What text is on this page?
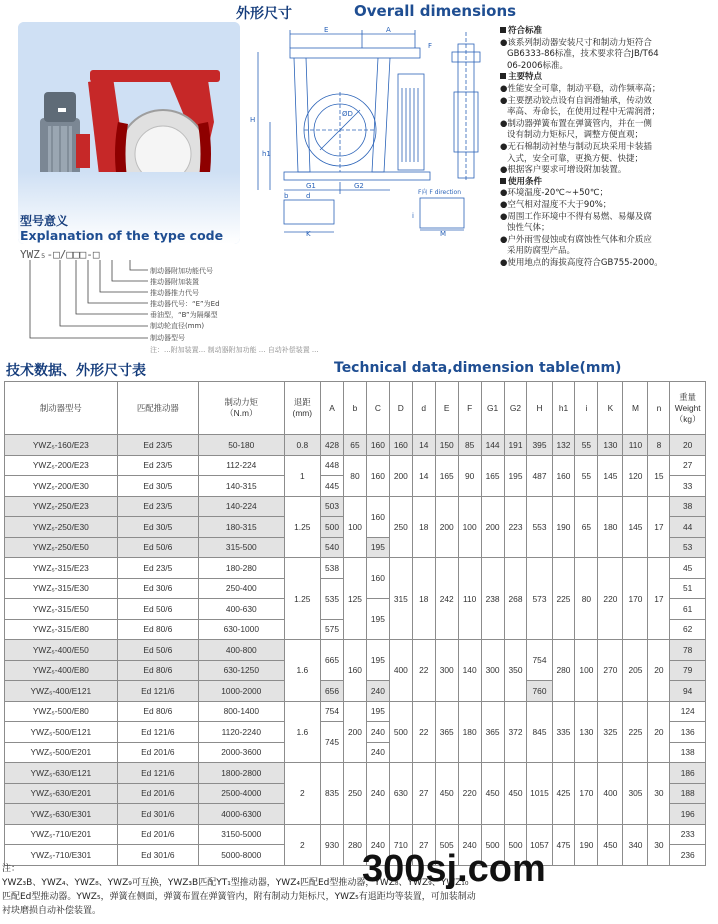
外形尺寸	Overall dimensions
型号意义
Explanation of the type code
YWZ₅-□/□□□-□
制动器附加功能代号
推动器附加装置
推动器推力代号
推动器代号：“E”为Ed
垂油型，“B”为隔爆型
制动轮直径(mm)
制动器型号
注：...附加装置... 制动器附加功能 ... 自动补偿装置 ...
E	A
F
H
h1
ØD
G1	G2
F向 F direction
d
b
K
i
M

符合标准

●该系列制动器安装尺寸和制动力矩符合

GB6333-86标准，技术要求符合JB/T64

06-2006标准。

主要特点

●性能安全可靠，制动平稳，动作频率高；

●主要摆动铰点设有自润滑轴承，传动效

率高、寿命长，在使用过程中无需润滑；

●制动器弹簧布置在弹簧管内，并在一侧

设有制动力矩标尺，调整方便直观；

●无石棉制动衬垫与制动瓦块采用卡装插

入式，安全可靠，更换方便、快捷；

●根据客户要求可增设附加装置。

使用条件

●环境温度-20℃~+50℃；

●空气相对湿度不大于90%；

●周围工作环境中不得有易燃、易爆及腐

蚀性气体；

●户外雨雪侵蚀或有腐蚀性气体和介质应

采用防腐型产品。

●使用地点的海拔高度符合GB755-2000。

技术数据、外形尺寸表	Technical data,dimension table(mm)
制动器型号	匹配推动器	制动力矩
（N.m）	退距
(mm)	A	b	C	D	d	E	F	G1	G2	H	h1	i	K	M	n	重量
Weight
（kg）
YWZ₅-160/E23	Ed 23/5	50-180	0.8	428	65	160	160	14	150	85	144	191	395	132	55	130	110	8	20
YWZ₅-200/E23	Ed 23/5	112-224	1	448	80	160	200	14	165	90	165	195	487	160	55	145	120	15	27
YWZ₅-200/E30	Ed 30/5	140-315		445															33
YWZ₅-250/E23	Ed 23/5	140-224	1.25	503	100	160	250	18	200	100	200	223	553	190	65	180	145	17	38
YWZ₅-250/E30	Ed 30/5	180-315		500															44
YWZ₅-250/E50	Ed 50/6	315-500		540		195													53
YWZ₅-315/E23	Ed 23/5	180-280	1.25	538	125	160	315	18	242	110	238	268	573	225	80	220	170	17	45
YWZ₅-315/E30	Ed 30/6	250-400		535															51
YWZ₅-315/E50	Ed 50/6	400-630				195													61
YWZ₅-315/E80	Ed 80/6	630-1000		575															62
YWZ₅-400/E50	Ed 50/6	400-800	1.6	665	160	195	400	22	300	140	300	350	754	280	100	270	205	20	78
YWZ₅-400/E80	Ed 80/6	630-1250																	79
YWZ₅-400/E121	Ed 121/6	1000-2000		656		240							760						94
YWZ₅-500/E80	Ed 80/6	800-1400	1.6	754	200	195	500	22	365	180	365	372	845	335	130	325	225	20	124
YWZ₅-500/E121	Ed 121/6	1120-2240		745		240													136
YWZ₅-500/E201	Ed 201/6	2000-3600				240													138
YWZ₅-630/E121	Ed 121/6	1800-2800	2	835	250	240	630	27	450	220	450	450	1015	425	170	400	305	30	186
YWZ₅-630/E201	Ed 201/6	2500-4000																	188
YWZ₅-630/E301	Ed 301/6	4000-6300																	196
YWZ₅-710/E201	Ed 201/6	3150-5000	2	930	280	240	710	27	505	240	500	500	1057	475	190	450	340	30	233
YWZ₅-710/E301	Ed 301/6	5000-8000																	236
注：
YWZ₃B、YWZ₄、YWZ₈、YWZ₉可互换，YWZ₃B匹配YT₁型推动器，YWZ₄匹配Ed型推动器，YWZ₈、YWZ₉、YWZ₁₀
匹配Ed型推动器。YWZ₅，弹簧在侧面，弹簧布置在弹簧管内，附有制动力矩标尺，YWZ₅有退距均等装置，可加装制动
衬块磨损自动补偿装置。
300sj.com
